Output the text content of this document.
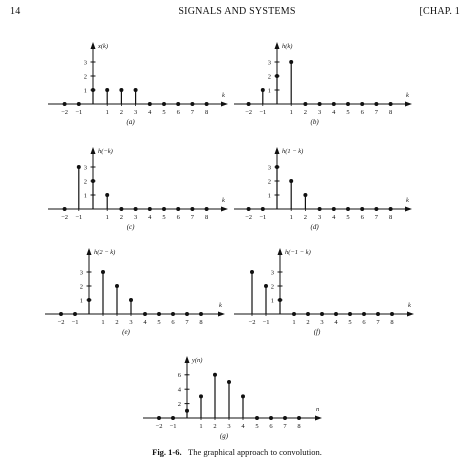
14	SIGNALS AND SYSTEMS	[CHAP. 1
k
x(k)
1
2
3
−2 −1	1 2 3 4 5 6 7 8
(a)
k
h(k)
1
2
3
−2 −1	1 2 3 4 5 6 7 8
(b)
k
h(−k)
1
2
3
−2 −1	1 2 3 4 5 6 7 8
(c)
k
h(1 − k)
1
2
3
−2 −1	1 2 3 4 5 6 7 8
(d)
k
h(2 − k)
1
2
3
−2 −1	1 2 3 4 5 6 7 8
(e)
k
h(−1 − k)
1
2
3
−2 −1	1 2 3 4 5 6 7 8
(f)
n
y(n)
2
4
6
−2 −1	1 2 3 4 5 6 7 8
(g)
Fig. 1-6. The graphical approach to convolution.
